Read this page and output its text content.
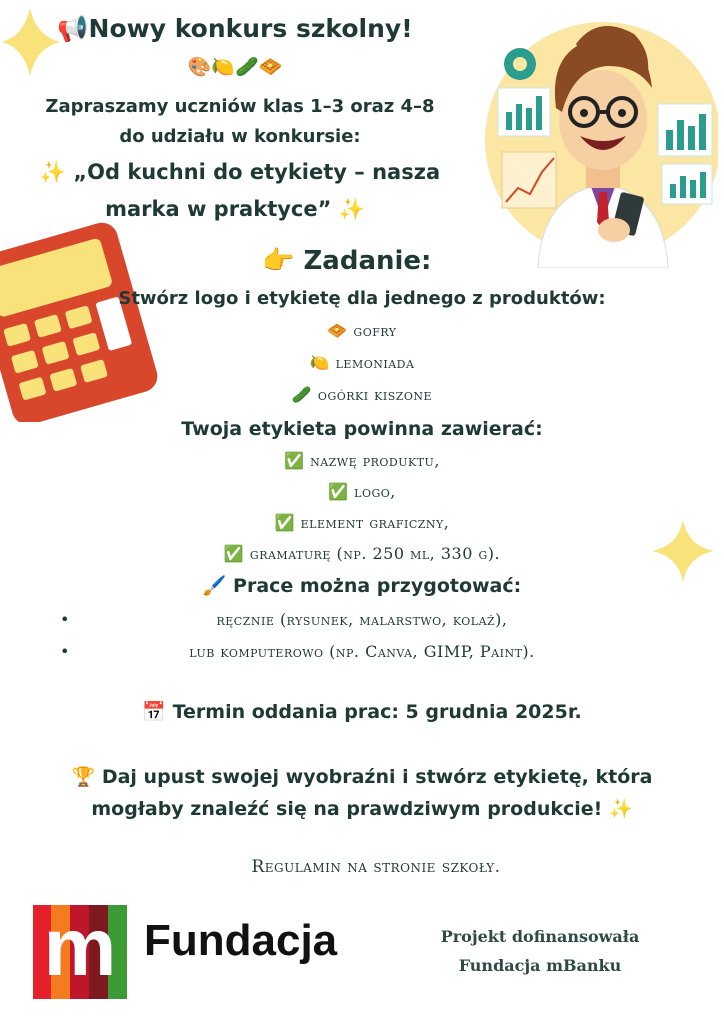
📢Nowy konkurs szkolny!
🎨🍋🥒🧇
Zapraszamy uczniów klas 1–3 oraz 4–8
do udziału w konkursie:
✨ „Od kuchni do etykiety – nasza
marka w praktyce” ✨
👉 Zadanie:
Stwórz logo i etykietę dla jednego z produktów:
🧇 gofry
🍋 lemoniada
🥒 ogórki kiszone
Twoja etykieta powinna zawierać:
✅ nazwę produktu,
✅ logo,
✅ element graficzny,
✅ gramaturę (np. 250 ml, 330 g).
🖌️ Prace można przygotować:
•	ręcznie (rysunek, malarstwo, kolaż),
•	lub komputerowo (np. Canva, GIMP, Paint).
📅 Termin oddania prac: 5 grudnia 2025r.
🏆 Daj upust swojej wyobraźni i stwórz etykietę, która
mogłaby znaleźć się na prawdziwym produkcie! ✨
Regulamin na stronie szkoły.
m Fundacja	Projekt dofinansowała
Fundacja mBanku
